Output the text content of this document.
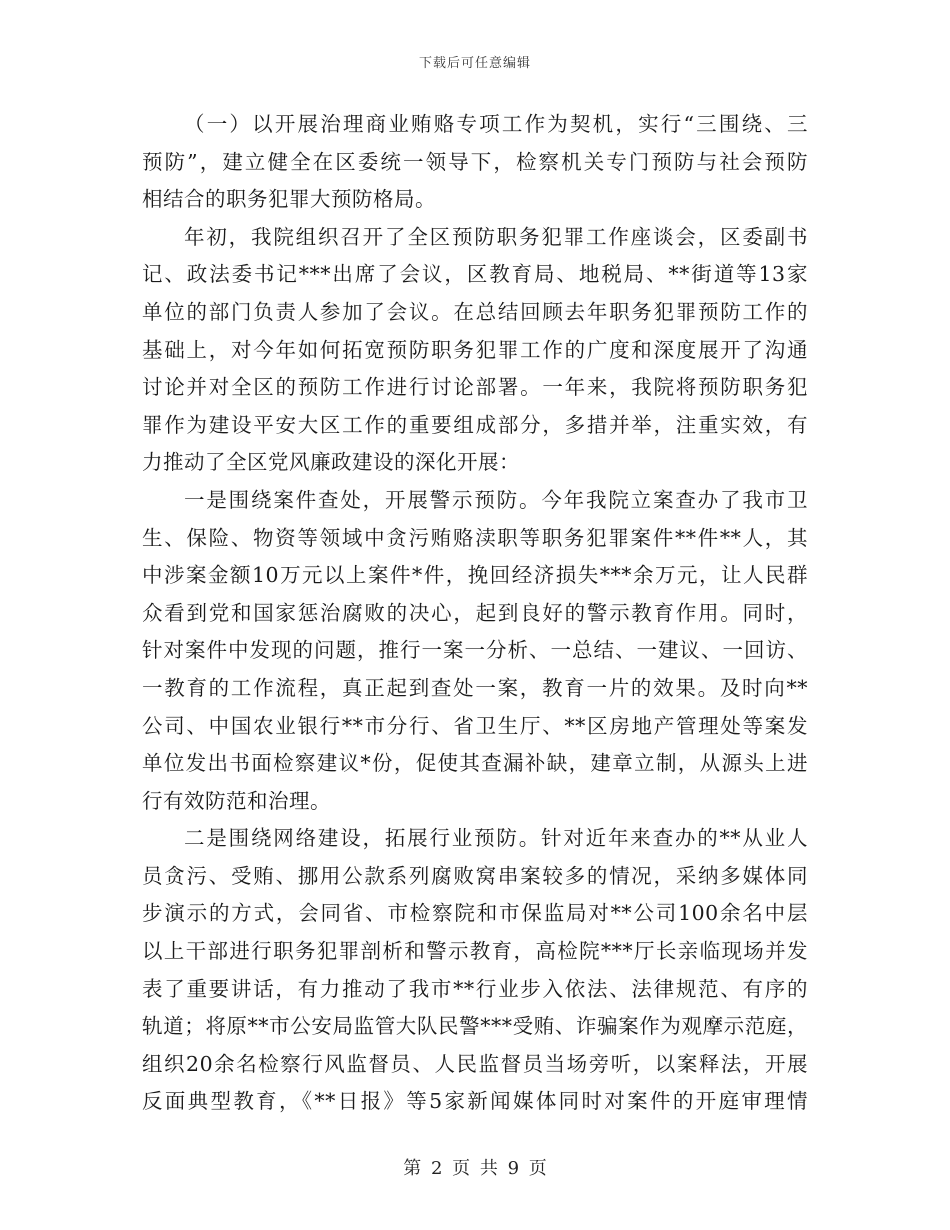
下载后可任意编辑
（一）以开展治理商业贿赂专项工作为契机，实行“三围绕、三
预防”，建立健全在区委统一领导下，检察机关专门预防与社会预防
相结合的职务犯罪大预防格局。
年初，我院组织召开了全区预防职务犯罪工作座谈会，区委副书
记、政法委书记***出席了会议，区教育局、地税局、**街道等13家
单位的部门负责人参加了会议。在总结回顾去年职务犯罪预防工作的
基础上，对今年如何拓宽预防职务犯罪工作的广度和深度展开了沟通
讨论并对全区的预防工作进行讨论部署。一年来，我院将预防职务犯
罪作为建设平安大区工作的重要组成部分，多措并举，注重实效，有
力推动了全区党风廉政建设的深化开展：
一是围绕案件查处，开展警示预防。今年我院立案查办了我市卫
生、保险、物资等领域中贪污贿赂渎职等职务犯罪案件**件**人，其
中涉案金额10万元以上案件*件，挽回经济损失***余万元，让人民群
众看到党和国家惩治腐败的决心，起到良好的警示教育作用。同时，
针对案件中发现的问题，推行一案一分析、一总结、一建议、一回访、
一教育的工作流程，真正起到查处一案，教育一片的效果。及时向**
公司、中国农业银行**市分行、省卫生厅、**区房地产管理处等案发
单位发出书面检察建议*份，促使其查漏补缺，建章立制，从源头上进
行有效防范和治理。
二是围绕网络建设，拓展行业预防。针对近年来查办的**从业人
员贪污、受贿、挪用公款系列腐败窝串案较多的情况，采纳多媒体同
步演示的方式，会同省、市检察院和市保监局对**公司100余名中层
以上干部进行职务犯罪剖析和警示教育，高检院***厅长亲临现场并发
表了重要讲话，有力推动了我市**行业步入依法、法律规范、有序的
轨道；将原**市公安局监管大队民警***受贿、诈骗案作为观摩示范庭，
组织20余名检察行风监督员、人民监督员当场旁听，以案释法，开展
反面典型教育，《**日报》等5家新闻媒体同时对案件的开庭审理情
第 2 页 共 9 页
